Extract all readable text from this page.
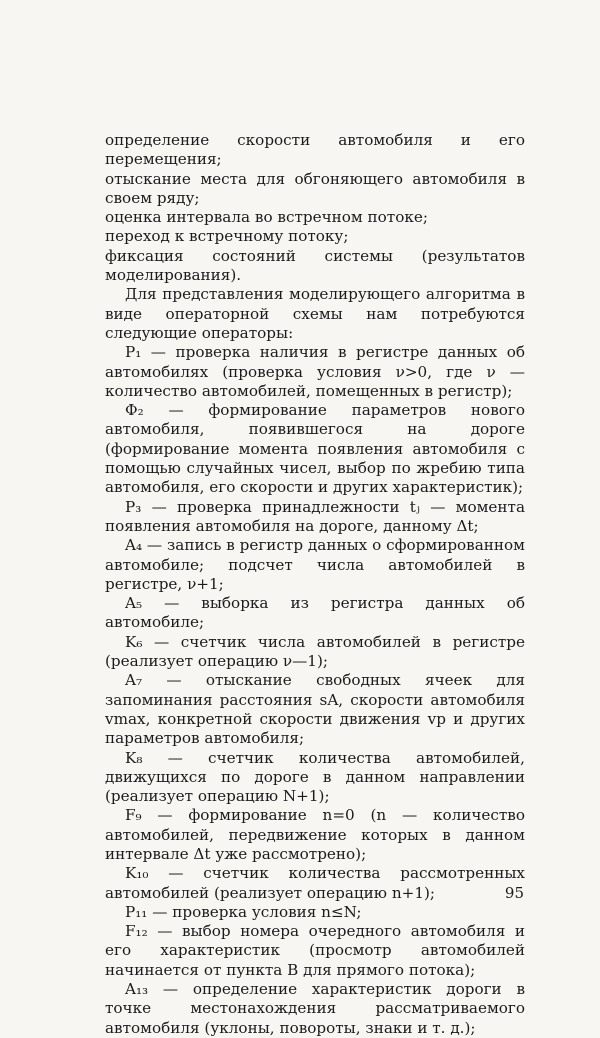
определение скорости автомобиля и его перемещения;

отыскание места для обгоняющего автомобиля в своем ряду;

оценка интервала во встречном потоке;

переход к встречному потоку;

фиксация состояний системы (результатов моделирования).

Для представления моделирующего алгоритма в виде операторной схемы нам потребуются следующие операторы:

P₁ — проверка наличия в регистре данных об автомобилях (проверка условия ν>0, где ν — количество автомобилей, помещенных в регистр);

Ф₂ — формирование параметров нового автомобиля, появившегося на дороге (формирование момента появления автомобиля с помощью случайных чисел, выбор по жребию типа автомобиля, его скорости и других характеристик);

P₃ — проверка принадлежности tⱼ — момента появления автомобиля на дороге, данному Δt;

A₄ — запись в регистр данных о сформированном автомобиле; подсчет числа автомобилей в регистре, ν+1;

A₅ — выборка из регистра данных об автомобиле;

K₆ — счетчик числа автомобилей в регистре (реализует операцию ν—1);

A₇ — отыскание свободных ячеек для запоминания расстояния sA, скорости автомобиля vmax, конкретной скорости движения vp и других параметров автомобиля;

K₈ — счетчик количества автомобилей, движущихся по дороге в данном направлении (реализует операцию N+1);

F₉ — формирование n=0 (n — количество автомобилей, передвижение которых в данном интервале Δt уже рассмотрено);

K₁₀ — счетчик количества рассмотренных автомобилей (реализует операцию n+1);

P₁₁ — проверка условия n≤N;

F₁₂ — выбор номера очередного автомобиля и его характеристик (просмотр автомобилей начинается от пункта B для прямого потока);

A₁₃ — определение характеристик дороги в точке местонахождения рассматриваемого автомобиля (уклоны, повороты, знаки и т. д.);

95
